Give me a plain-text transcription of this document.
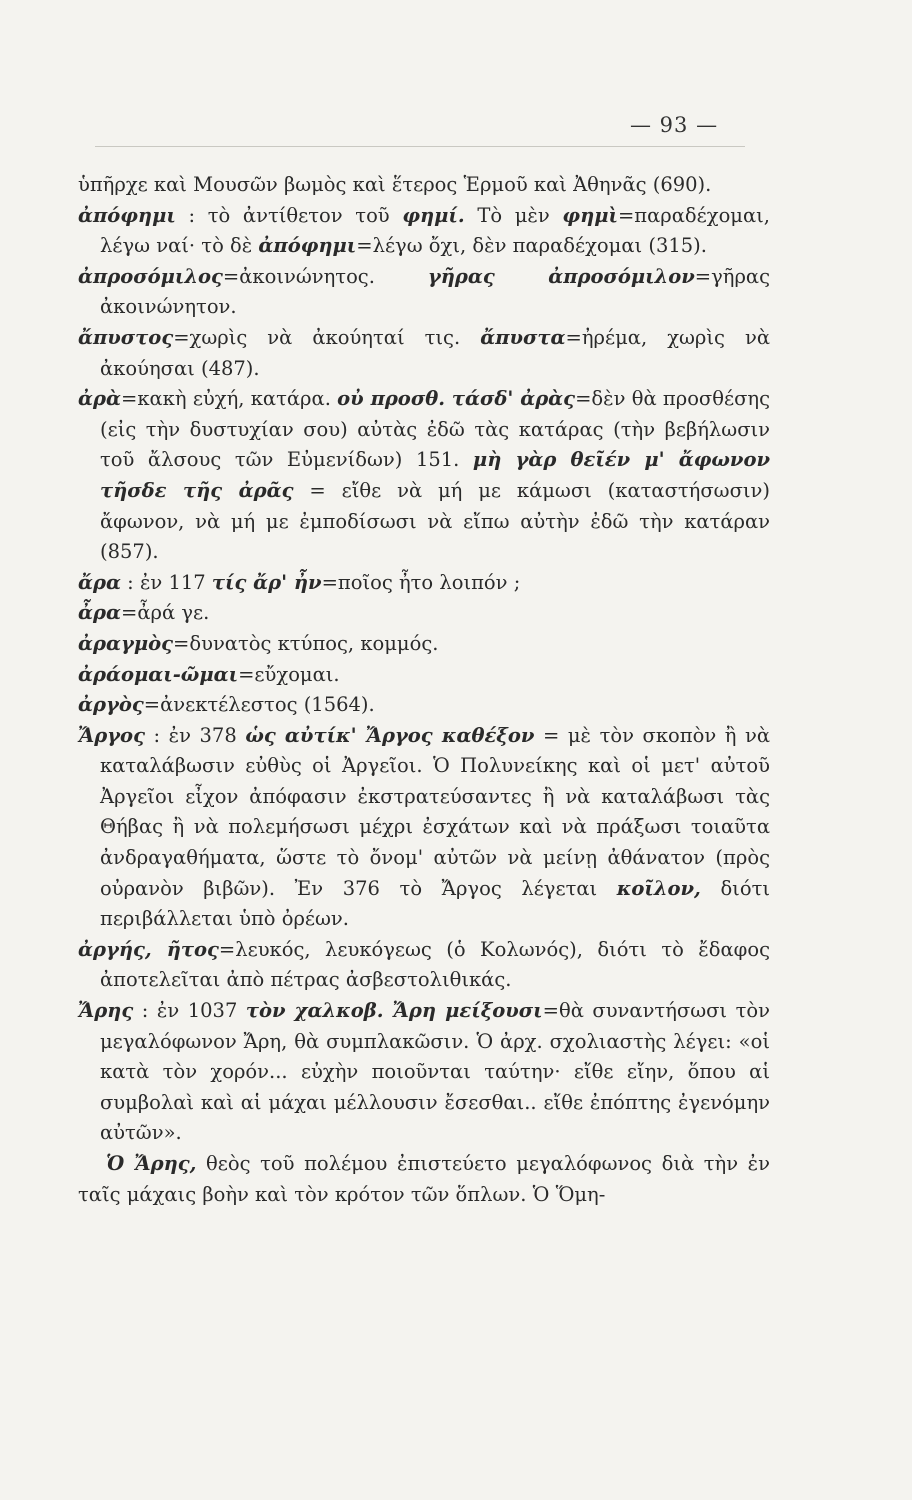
— 93 —

ὑπῆρχε καὶ Μουσῶν βωμὸς καὶ ἕτερος Ἑρμοῦ καὶ Ἀθηνᾶς (690).

ἀπόφημι : τὸ ἀντίθετον τοῦ φημί. Τὸ μὲν φημὶ=παραδέχομαι, λέγω ναί· τὸ δὲ ἀπόφημι=λέγω ὄχι, δὲν παραδέχομαι (315).

ἀπροσόμιλος=ἀκοινώνητος. γῆρας ἀπροσόμιλον=γῆρας ἀκοινώνητον.

ἄπυστος=χωρὶς νὰ ἀκούηταί τις. ἄπυστα=ἠρέμα, χωρὶς νὰ ἀκούησαι (487).

ἀρὰ=κακὴ εὐχή, κατάρα. οὐ προσθ. τάσδ' ἀρὰς=δὲν θὰ προσθέσης (εἰς τὴν δυστυχίαν σου) αὐτὰς ἐδῶ τὰς κατάρας (τὴν βεβήλωσιν τοῦ ἄλσους τῶν Εὐμενίδων) 151. μὴ γὰρ θεῖέν μ' ἄφωνον τῆσδε τῆς ἀρᾶς = εἴθε νὰ μή με κάμωσι (καταστήσωσιν) ἄφωνον, νὰ μή με ἐμποδίσωσι νὰ εἴπω αὐτὴν ἐδῶ τὴν κατάραν (857).

ἄρα : ἐν 117 τίς ἄρ' ἦν=ποῖος ἦτο λοιπόν ;

ἆρα=ἆρά γε.

ἀραγμὸς=δυνατὸς κτύπος, κομμός.

ἀράομαι-ῶμαι=εὔχομαι.

ἀργὸς=ἀνεκτέλεστος (1564).

Ἄργος : ἐν 378 ὡς αὐτίκ' Ἄργος καθέξον = μὲ τὸν σκοπὸν ἢ νὰ καταλάβωσιν εὐθὺς οἱ Ἀργεῖοι. Ὁ Πολυνείκης καὶ οἱ μετ' αὐτοῦ Ἀργεῖοι εἶχον ἀπόφασιν ἐκστρατεύσαντες ἢ νὰ καταλάβωσι τὰς Θήβας ἢ νὰ πολεμήσωσι μέχρι ἐσχάτων καὶ νὰ πράξωσι τοιαῦτα ἀνδραγαθήματα, ὥστε τὸ ὄνομ' αὐτῶν νὰ μείνῃ ἀθάνατον (πρὸς οὐρανὸν βιβῶν). Ἐν 376 τὸ Ἄργος λέγεται κοῖλον, διότι περιβάλλεται ὑπὸ ὀρέων.

ἀργής, ῆτος=λευκός, λευκόγεως (ὁ Κολωνός), διότι τὸ ἔδαφος ἀποτελεῖται ἀπὸ πέτρας ἀσβεστολιθικάς.

Ἄρης : ἐν 1037 τὸν χαλκοβ. Ἄρη μείξουσι=θὰ συναντήσωσι τὸν μεγαλόφωνον Ἄρη, θὰ συμπλακῶσιν. Ὁ ἀρχ. σχολιαστὴς λέγει: «οἱ κατὰ τὸν χορόν... εὐχὴν ποιοῦνται ταύτην· εἴθε εἴην, ὅπου αἱ συμβολαὶ καὶ αἱ μάχαι μέλλουσιν ἔσεσθαι.. εἴθε ἐπόπτης ἐγενόμην αὐτῶν».

Ὁ Ἄρης, θεὸς τοῦ πολέμου ἐπιστεύετο μεγαλόφωνος διὰ τὴν ἐν ταῖς μάχαις βοὴν καὶ τὸν κρότον τῶν ὅπλων. Ὁ Ὅμη-
